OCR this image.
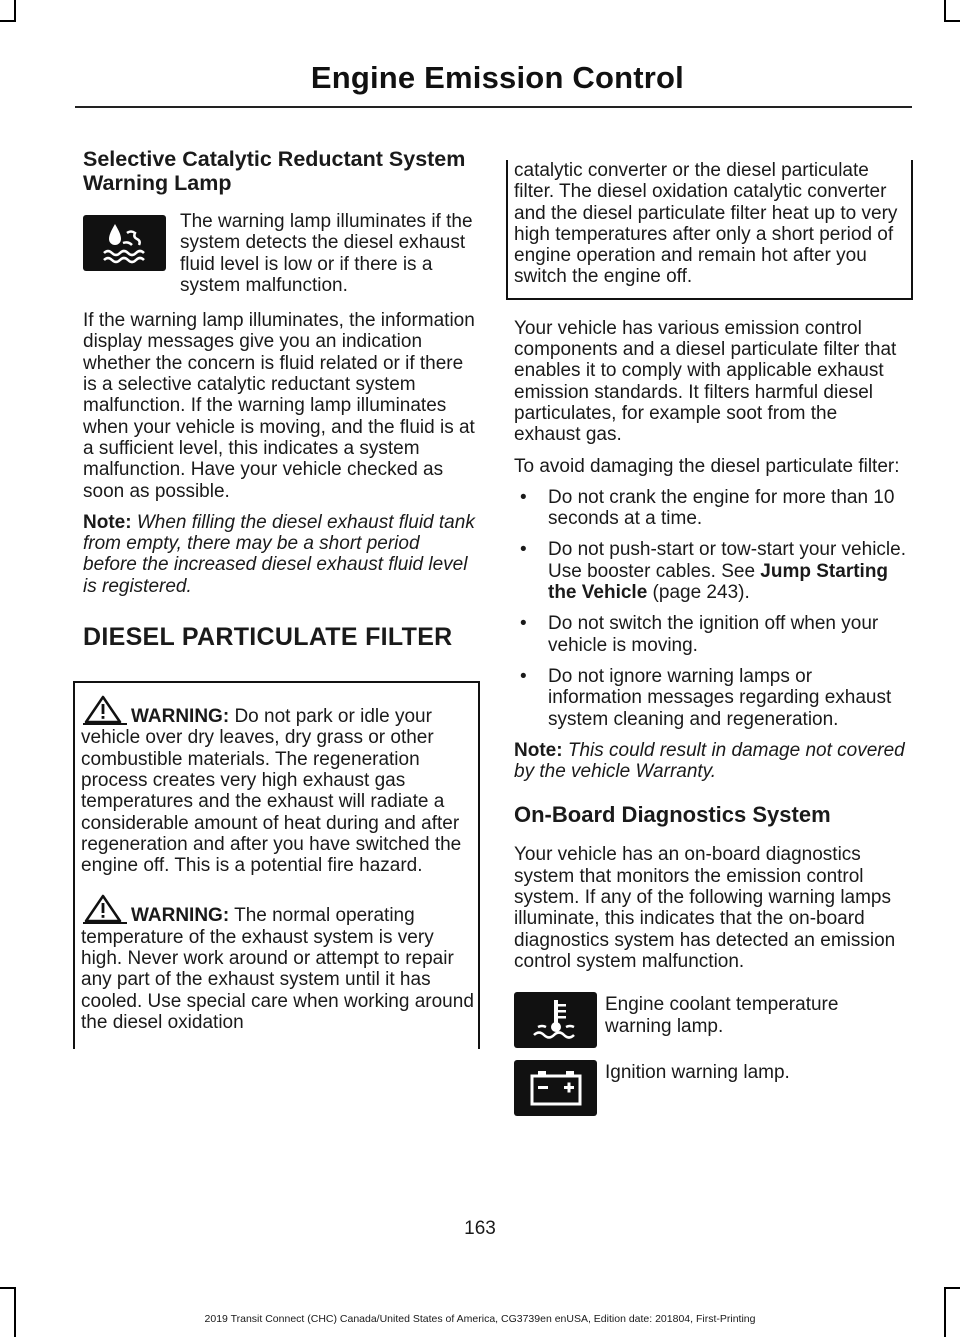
Engine Emission Control
Selective Catalytic Reductant System Warning Lamp

The warning lamp illuminates if the system detects the diesel exhaust fluid level is low or if there is a system malfunction.

If the warning lamp illuminates, the information display messages give you an indication whether the concern is fluid related or if there is a selective catalytic reductant system malfunction. If the warning lamp illuminates when your vehicle is moving, and the fluid is at a sufficient level, this indicates a system malfunction. Have your vehicle checked as soon as possible.

Note: When filling the diesel exhaust fluid tank from empty, there may be a short period before the increased diesel exhaust fluid level is registered.

DIESEL PARTICULATE FILTER

WARNING: Do not park or idle your vehicle over dry leaves, dry grass or other combustible materials. The regeneration process creates very high exhaust gas temperatures and the exhaust will radiate a considerable amount of heat during and after regeneration and after you have switched the engine off. This is a potential fire hazard.

WARNING: The normal operating temperature of the exhaust system is very high. Never work around or attempt to repair any part of the exhaust system until it has cooled. Use special care when working around the diesel oxidation

catalytic converter or the diesel particulate filter. The diesel oxidation catalytic converter and the diesel particulate filter heat up to very high temperatures after only a short period of engine operation and remain hot after you switch the engine off.

Your vehicle has various emission control components and a diesel particulate filter that enables it to comply with applicable exhaust emission standards. It filters harmful diesel particulates, for example soot from the exhaust gas.

To avoid damaging the diesel particulate filter:

• Do not crank the engine for more than 10 seconds at a time.
• Do not push-start or tow-start your vehicle. Use booster cables. See Jump Starting the Vehicle (page 243).
• Do not switch the ignition off when your vehicle is moving.
• Do not ignore warning lamps or information messages regarding exhaust system cleaning and regeneration.

Note: This could result in damage not covered by the vehicle Warranty.

On-Board Diagnostics System

Your vehicle has an on-board diagnostics system that monitors the emission control system. If any of the following warning lamps illuminate, this indicates that the on-board diagnostics system has detected an emission control system malfunction.

Engine coolant temperature warning lamp.

Ignition warning lamp.

163
2019 Transit Connect (CHC) Canada/United States of America, CG3739en enUSA, Edition date: 201804, First-Printing
